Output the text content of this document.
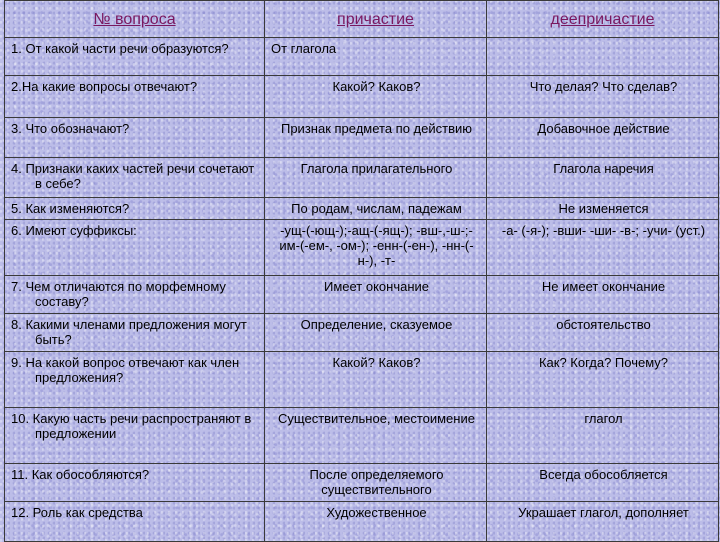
№ вопроса	причастие	деепричастие

1. От какой части речи образуются?	От глагола	

2.На какие вопросы отвечают?	Какой? Каков?	Что делая? Что сделав?

3. Что обозначают?	Признак предмета по действию	Добавочное действие

4. Признаки каких частей речи сочетают в себе?	Глагола прилагательного	Глагола наречия

5. Как изменяются?	По родам, числам, падежам	Не изменяется

6. Имеют суффиксы:	-ущ-(-ющ-);-ащ-(-ящ-); -вш-,-ш-;-им-(-ем-, -ом-); -енн-(-ен-), -нн-(-н-), -т-	-а- (-я-); -вши- -ши- -в-; -учи- (уст.)

7. Чем отличаются по морфемному составу?	Имеет окончание	Не имеет окончание

8. Какими членами предложения могут быть?	Определение, сказуемое	обстоятельство

9. На какой вопрос отвечают как член предложения?	Какой? Каков?	Как? Когда? Почему?

10. Какую часть речи распространяют в предложении	Существительное, местоимение	глагол

11. Как обособляются?	После определяемого существительного	Всегда обособляется

12. Роль как средства	Художественное	Украшает глагол, дополняет
